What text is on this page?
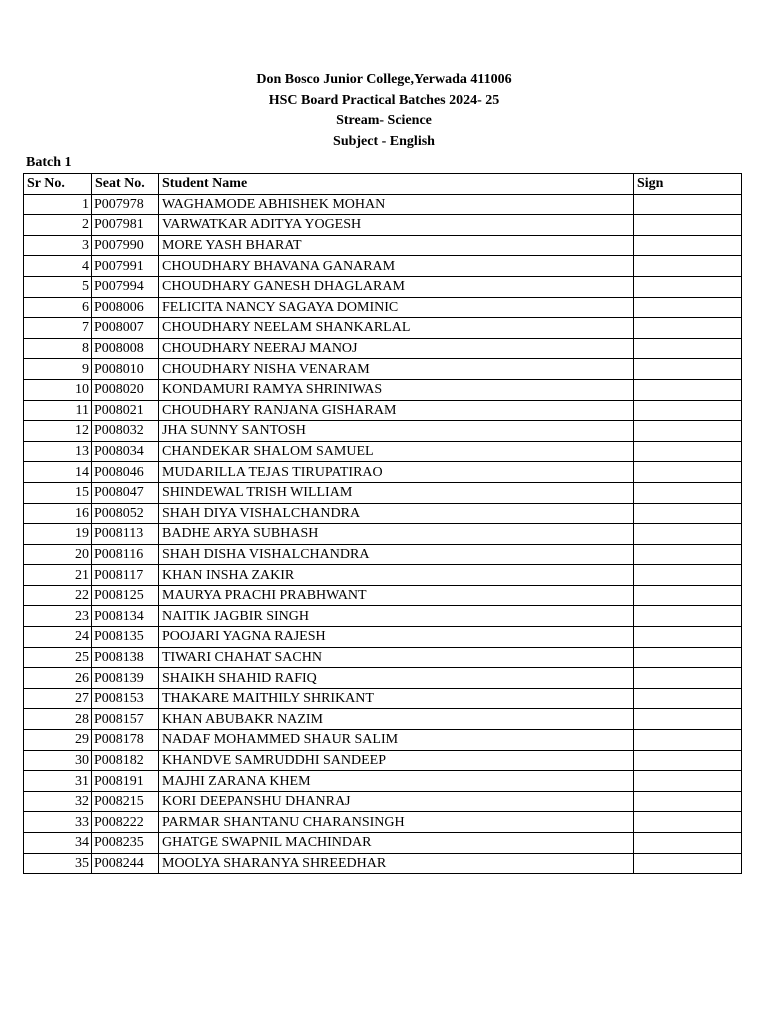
Don Bosco Junior College,Yerwada 411006
HSC Board Practical Batches 2024- 25
Stream- Science
Subject - English
Batch 1
Sr No.	Seat No.	Student Name	Sign
1	P007978	WAGHAMODE ABHISHEK MOHAN	
2	P007981	VARWATKAR ADITYA YOGESH	
3	P007990	MORE YASH BHARAT	
4	P007991	CHOUDHARY BHAVANA GANARAM	
5	P007994	CHOUDHARY GANESH DHAGLARAM	
6	P008006	FELICITA NANCY SAGAYA DOMINIC	
7	P008007	CHOUDHARY NEELAM SHANKARLAL	
8	P008008	CHOUDHARY NEERAJ MANOJ	
9	P008010	CHOUDHARY NISHA VENARAM	
10	P008020	KONDAMURI RAMYA SHRINIWAS	
11	P008021	CHOUDHARY RANJANA GISHARAM	
12	P008032	JHA SUNNY SANTOSH	
13	P008034	CHANDEKAR SHALOM SAMUEL	
14	P008046	MUDARILLA TEJAS TIRUPATIRAO	
15	P008047	SHINDEWAL TRISH WILLIAM	
16	P008052	SHAH DIYA VISHALCHANDRA	
19	P008113	BADHE ARYA SUBHASH	
20	P008116	SHAH DISHA VISHALCHANDRA	
21	P008117	KHAN INSHA ZAKIR	
22	P008125	MAURYA PRACHI PRABHWANT	
23	P008134	NAITIK JAGBIR SINGH	
24	P008135	POOJARI YAGNA RAJESH	
25	P008138	TIWARI CHAHAT SACHN	
26	P008139	SHAIKH SHAHID RAFIQ	
27	P008153	THAKARE MAITHILY SHRIKANT	
28	P008157	KHAN ABUBAKR NAZIM	
29	P008178	NADAF MOHAMMED SHAUR SALIM	
30	P008182	KHANDVE SAMRUDDHI SANDEEP	
31	P008191	MAJHI ZARANA KHEM	
32	P008215	KORI DEEPANSHU DHANRAJ	
33	P008222	PARMAR SHANTANU CHARANSINGH	
34	P008235	GHATGE SWAPNIL MACHINDAR	
35	P008244	MOOLYA SHARANYA SHREEDHAR	
